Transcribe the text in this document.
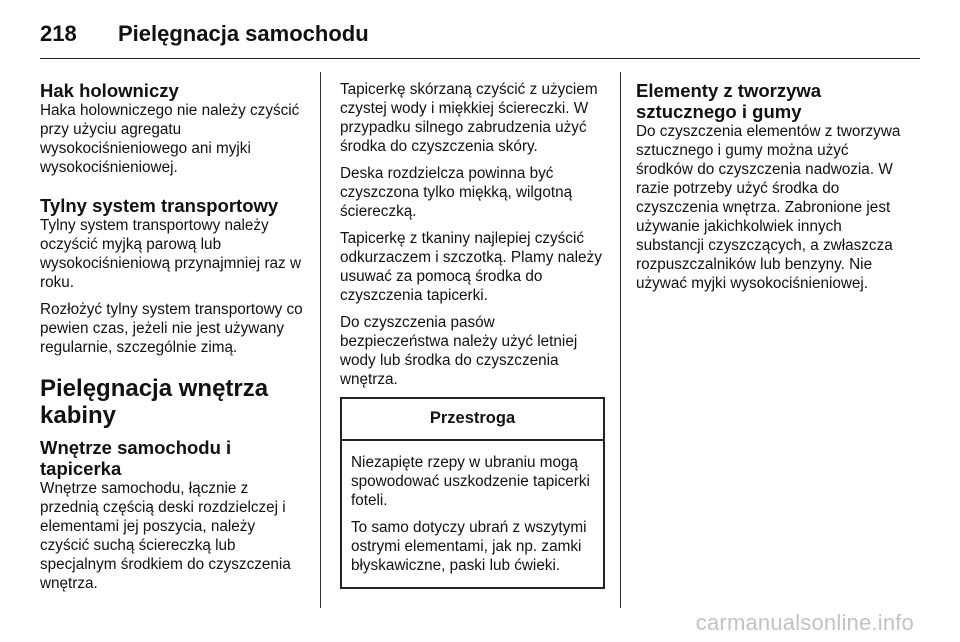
218	Pielęgnacja samochodu
Hak holowniczy

Haka holowniczego nie należy czyścić przy użyciu agregatu wysokociśnieniowego ani myjki wysokociśnieniowej.

Tylny system transportowy

Tylny system transportowy należy oczyścić myjką parową lub wysokociśnieniową przynajmniej raz w roku.

Rozłożyć tylny system transportowy co pewien czas, jeżeli nie jest używany regularnie, szczególnie zimą.

Pielęgnacja wnętrza kabiny
Wnętrze samochodu i tapicerka

Wnętrze samochodu, łącznie z przednią częścią deski rozdzielczej i elementami jej poszycia, należy czyścić suchą ściereczką lub specjalnym środkiem do czyszczenia wnętrza.

Tapicerkę skórzaną czyścić z użyciem czystej wody i miękkiej ściereczki. W przypadku silnego zabrudzenia użyć środka do czyszczenia skóry.

Deska rozdzielcza powinna być czyszczona tylko miękką, wilgotną ściereczką.

Tapicerkę z tkaniny najlepiej czyścić odkurzaczem i szczotką. Plamy należy usuwać za pomocą środka do czyszczenia tapicerki.

Do czyszczenia pasów bezpieczeństwa należy użyć letniej wody lub środka do czyszczenia wnętrza.

Przestroga

Niezapięte rzepy w ubraniu mogą spowodować uszkodzenie tapicerki foteli.

To samo dotyczy ubrań z wszytymi ostrymi elementami, jak np. zamki błyskawiczne, paski lub ćwieki.

Elementy z tworzywa sztucznego i gumy

Do czyszczenia elementów z tworzywa sztucznego i gumy można użyć środków do czyszczenia nadwozia. W razie potrzeby użyć środka do czyszczenia wnętrza. Zabronione jest używanie jakichkolwiek innych substancji czyszczących, a zwłaszcza rozpuszczalników lub benzyny. Nie używać myjki wysokociśnieniowej.

carmanualsonline.info
